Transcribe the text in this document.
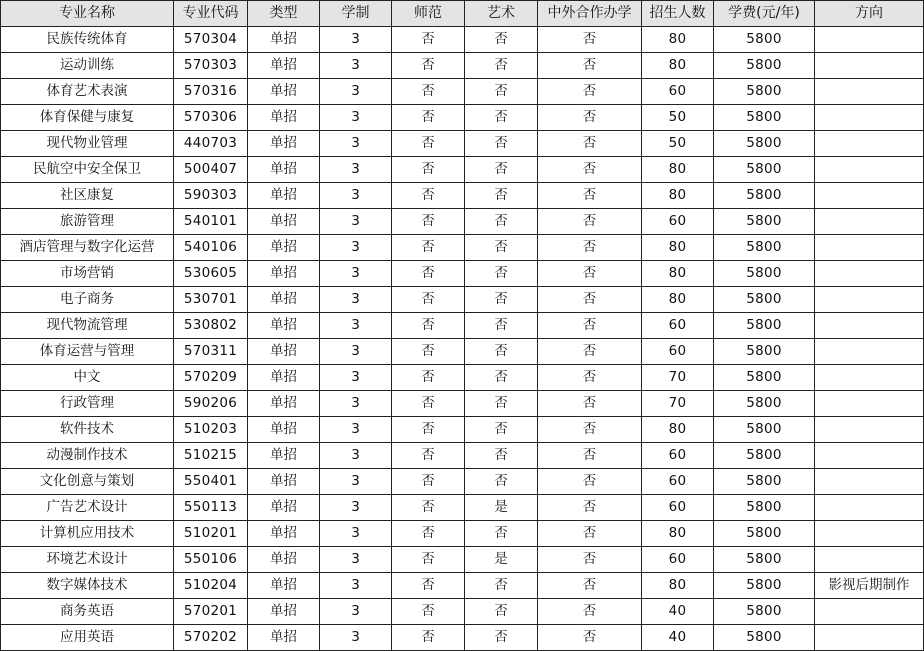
专业名称	专业代码	类型	学制	师范	艺术	中外合作办学	招生人数	学费(元/年)	方向
民族传统体育	570304	单招	3	否	否	否	80	5800	
运动训练	570303	单招	3	否	否	否	80	5800	
体育艺术表演	570316	单招	3	否	否	否	60	5800	
体育保健与康复	570306	单招	3	否	否	否	50	5800	
现代物业管理	440703	单招	3	否	否	否	50	5800	
民航空中安全保卫	500407	单招	3	否	否	否	80	5800	
社区康复	590303	单招	3	否	否	否	80	5800	
旅游管理	540101	单招	3	否	否	否	60	5800	
酒店管理与数字化运营	540106	单招	3	否	否	否	80	5800	
市场营销	530605	单招	3	否	否	否	80	5800	
电子商务	530701	单招	3	否	否	否	80	5800	
现代物流管理	530802	单招	3	否	否	否	60	5800	
体育运营与管理	570311	单招	3	否	否	否	60	5800	
中文	570209	单招	3	否	否	否	70	5800	
行政管理	590206	单招	3	否	否	否	70	5800	
软件技术	510203	单招	3	否	否	否	80	5800	
动漫制作技术	510215	单招	3	否	否	否	60	5800	
文化创意与策划	550401	单招	3	否	否	否	60	5800	
广告艺术设计	550113	单招	3	否	是	否	60	5800	
计算机应用技术	510201	单招	3	否	否	否	80	5800	
环境艺术设计	550106	单招	3	否	是	否	60	5800	
数字媒体技术	510204	单招	3	否	否	否	80	5800	影视后期制作
商务英语	570201	单招	3	否	否	否	40	5800	
应用英语	570202	单招	3	否	否	否	40	5800	
